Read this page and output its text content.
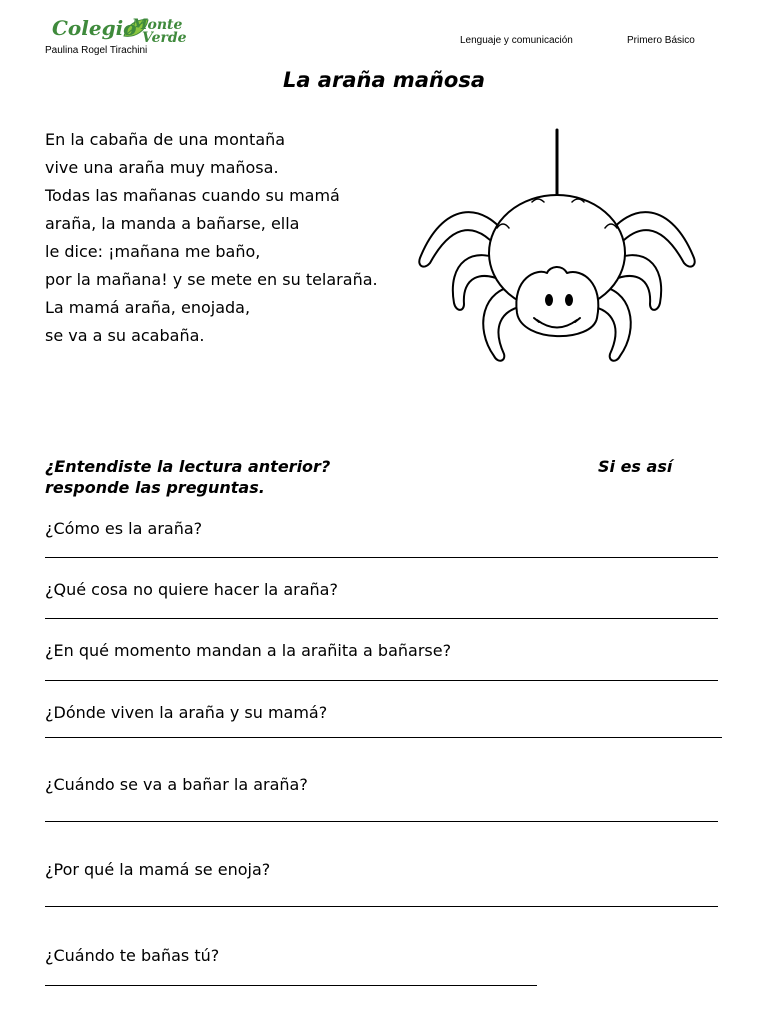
Colegio
Monte
Verde
Paulina Rogel Tirachini
Lenguaje y comunicación	Primero Básico
La araña mañosa
En la cabaña de una montaña
vive una araña muy mañosa.
Todas las mañanas cuando su mamá
araña, la manda a bañarse, ella
le dice: ¡mañana me baño,
por la mañana! y se mete en su telaraña.
La mamá araña, enojada,
se va a su acabaña.
¿Entendiste la lectura anterior?	Si es así
responde las preguntas.
¿Cómo es la araña?
¿Qué cosa no quiere hacer la araña?
¿En qué momento mandan a la arañita a bañarse?
¿Dónde viven la araña y su mamá?
¿Cuándo se va a bañar la araña?
¿Por qué la mamá se enoja?
¿Cuándo te bañas tú?
